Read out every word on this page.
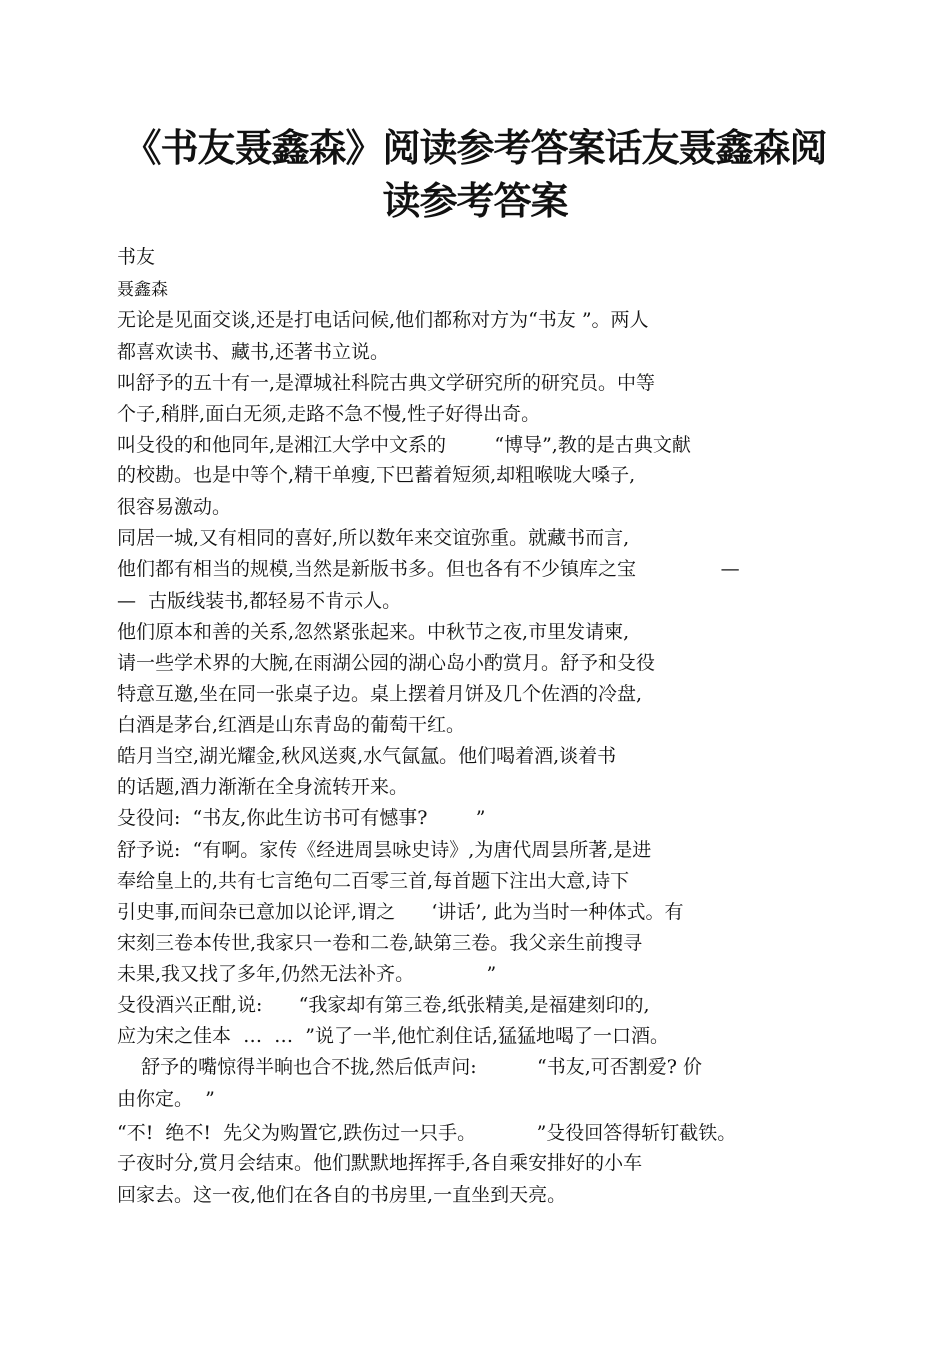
《书友聂鑫森》阅读参考答案话友聂鑫森阅
读参考答案

书友

聂鑫森

无论是见面交谈,还是打电话问候,他们都称对方为“书友 ”。两人

都喜欢读书、藏书,还著书立说。

叫舒予的五十有一,是潭城社科院古典文学研究所的研究员。中等

个子,稍胖,面白无须,走路不急不慢,性子好得出奇。

叫殳役的和他同年,是湘江大学中文系的        “博导”,教的是古典文献

的校勘。也是中等个,精干单瘦,下巴蓄着短须,却粗喉咙大嗓子,

很容易激动。

同居一城,又有相同的喜好,所以数年来交谊弥重。就藏书而言,

他们都有相当的规模,当然是新版书多。但也各有不少镇库之宝              —

—  古版线装书,都轻易不肯示人。

他们原本和善的关系,忽然紧张起来。中秋节之夜,市里发请柬,

请一些学术界的大腕,在雨湖公园的湖心岛小酌赏月。舒予和殳役

特意互邀,坐在同一张桌子边。桌上摆着月饼及几个佐酒的冷盘,

白酒是茅台,红酒是山东青岛的葡萄干红。

皓月当空,湖光耀金,秋风送爽,水气氤氲。他们喝着酒,谈着书

的话题,酒力渐渐在全身流转开来。

殳役问:  “书友,你此生访书可有憾事?        ”

舒予说:  “有啊。家传《经进周昙咏史诗》,为唐代周昙所著,是进

奉给皇上的,共有七言绝句二百零三首,每首题下注出大意,诗下

引史事,而间杂已意加以论评,谓之      ‘讲话’, 此为当时一种体式。有

宋刻三卷本传世,我家只一卷和二卷,缺第三卷。我父亲生前搜寻

未果,我又找了多年,仍然无法补齐。            ”

殳役酒兴正酣,说:      “我家却有第三卷,纸张精美,是福建刻印的,

应为宋之佳本  …  …  ”说了一半,他忙刹住话,猛猛地喝了一口酒。

舒予的嘴惊得半晌也合不拢,然后低声问:          “书友,可否割爱? 价

由你定。  ”

“不!  绝不!  先父为购置它,跌伤过一只手。          ”殳役回答得斩钉截铁。

子夜时分,赏月会结束。他们默默地挥挥手,各自乘安排好的小车

回家去。这一夜,他们在各自的书房里,一直坐到天亮。
